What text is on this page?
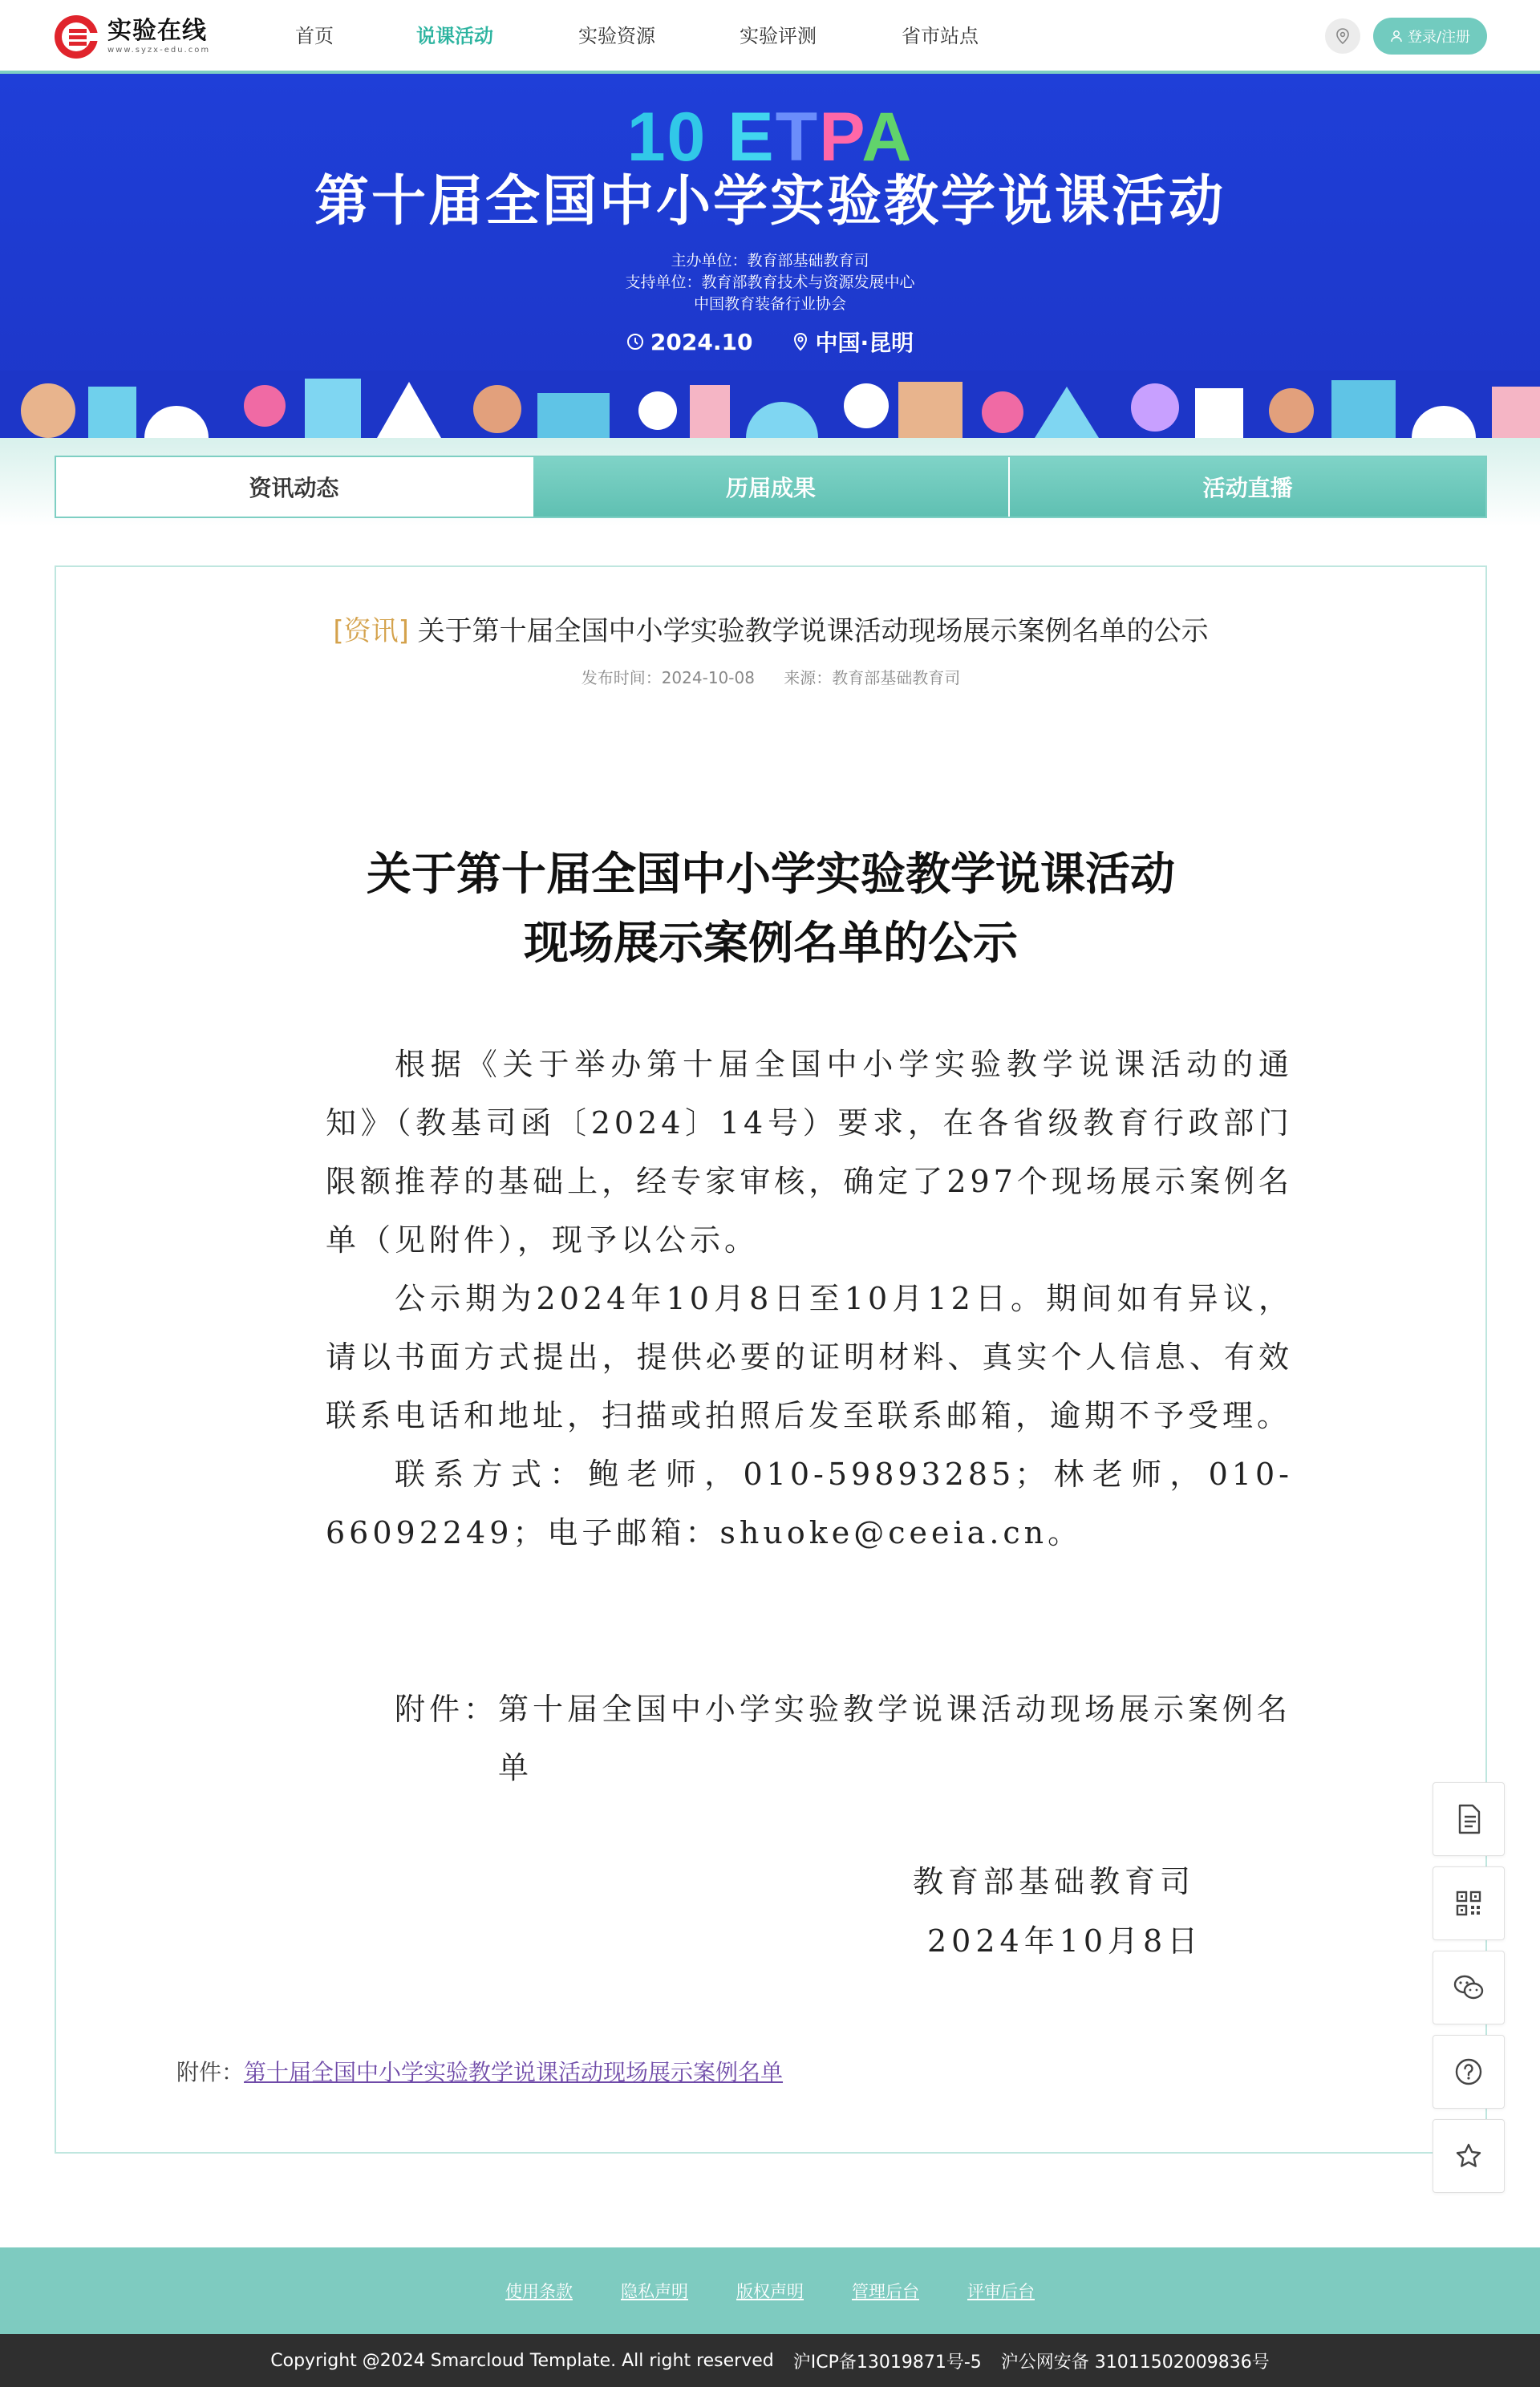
实验在线
www.syzx-edu.com
首页	说课活动	实验资源	实验评测	省市站点	登录/注册
10 ETPA
第十届全国中小学实验教学说课活动
主办单位：教育部基础教育司
支持单位：教育部教育技术与资源发展中心
中国教育装备行业协会
2024.10	中国·昆明
资讯动态	历届成果	活动直播
[资讯] 关于第十届全国中小学实验教学说课活动现场展示案例名单的公示
发布时间：2024-10-08 来源：教育部基础教育司
关于第十届全国中小学实验教学说课活动
现场展示案例名单的公示

根据《关于举办第十届全国中小学实验教学说课活动的通知》（教基司函〔2024〕14号）要求，在各省级教育行政部门限额推荐的基础上，经专家审核，确定了297个现场展示案例名单（见附件），现予以公示。

公示期为2024年10月8日至10月12日。期间如有异议，请以书面方式提出，提供必要的证明材料、真实个人信息、有效联系电话和地址，扫描或拍照后发至联系邮箱，逾期不予受理。

联系方式：鲍老师，010-59893285；林老师，010-66092249；电子邮箱：shuoke@ceeia.cn。

附件： 第十届全国中小学实验教学说课活动现场展示案例名单
教育部基础教育司
2024年10月8日
附件：第十届全国中小学实验教学说课活动现场展示案例名单
使用条款	隐私声明	版权声明	管理后台	评审后台
Copyright @2024 Smarcloud Template. All right reserved 沪ICP备13019871号-5 沪公网安备 31011502009836号
